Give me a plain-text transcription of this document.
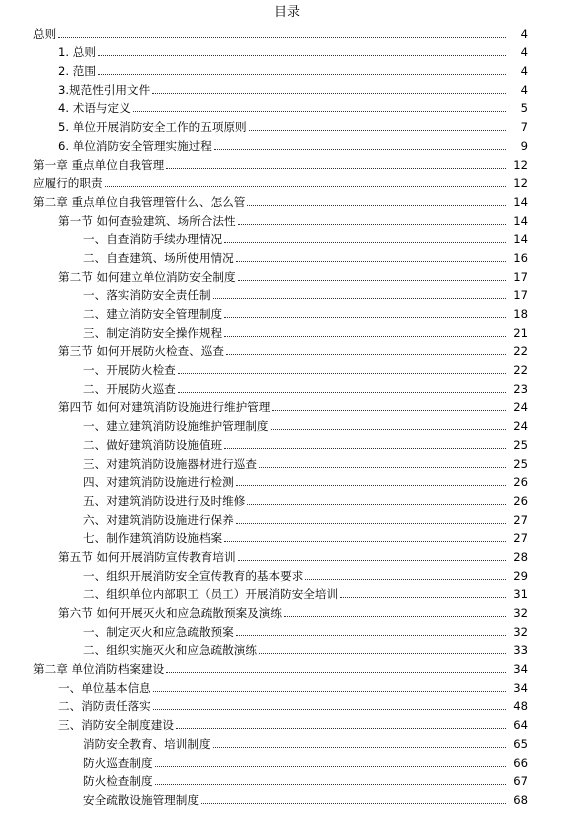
目录
总则	4
1. 总则	4
2. 范围	4
3.规范性引用文件	4
4. 术语与定义	5
5. 单位开展消防安全工作的五项原则	7
6. 单位消防安全管理实施过程	9
第一章 重点单位自我管理	12
应履行的职责	12
第二章 重点单位自我管理管什么、怎么管	14
第一节 如何查验建筑、场所合法性	14
一、自查消防手续办理情况	14
二、自查建筑、场所使用情况	16
第二节 如何建立单位消防安全制度	17
一、落实消防安全责任制	17
二、建立消防安全管理制度	18
三、制定消防安全操作规程	21
第三节 如何开展防火检查、巡查	22
一、开展防火检查	22
二、开展防火巡查	23
第四节 如何对建筑消防设施进行维护管理	24
一、建立建筑消防设施维护管理制度	24
二、做好建筑消防设施值班	25
三、对建筑消防设施器材进行巡查	25
四、对建筑消防设施进行检测	26
五、对建筑消防设进行及时维修	26
六、对建筑消防设施进行保养	27
七、制作建筑消防设施档案	27
第五节 如何开展消防宣传教育培训	28
一、组织开展消防安全宣传教育的基本要求	29
二、组织单位内部职工（员工）开展消防安全培训	31
第六节 如何开展灭火和应急疏散预案及演练	32
一、制定灭火和应急疏散预案	32
二、组织实施灭火和应急疏散演练	33
第二章 单位消防档案建设	34
一、单位基本信息	34
二、消防责任落实	48
三、消防安全制度建设	64
消防安全教育、培训制度	65
防火巡查制度	66
防火检查制度	67
安全疏散设施管理制度	68
